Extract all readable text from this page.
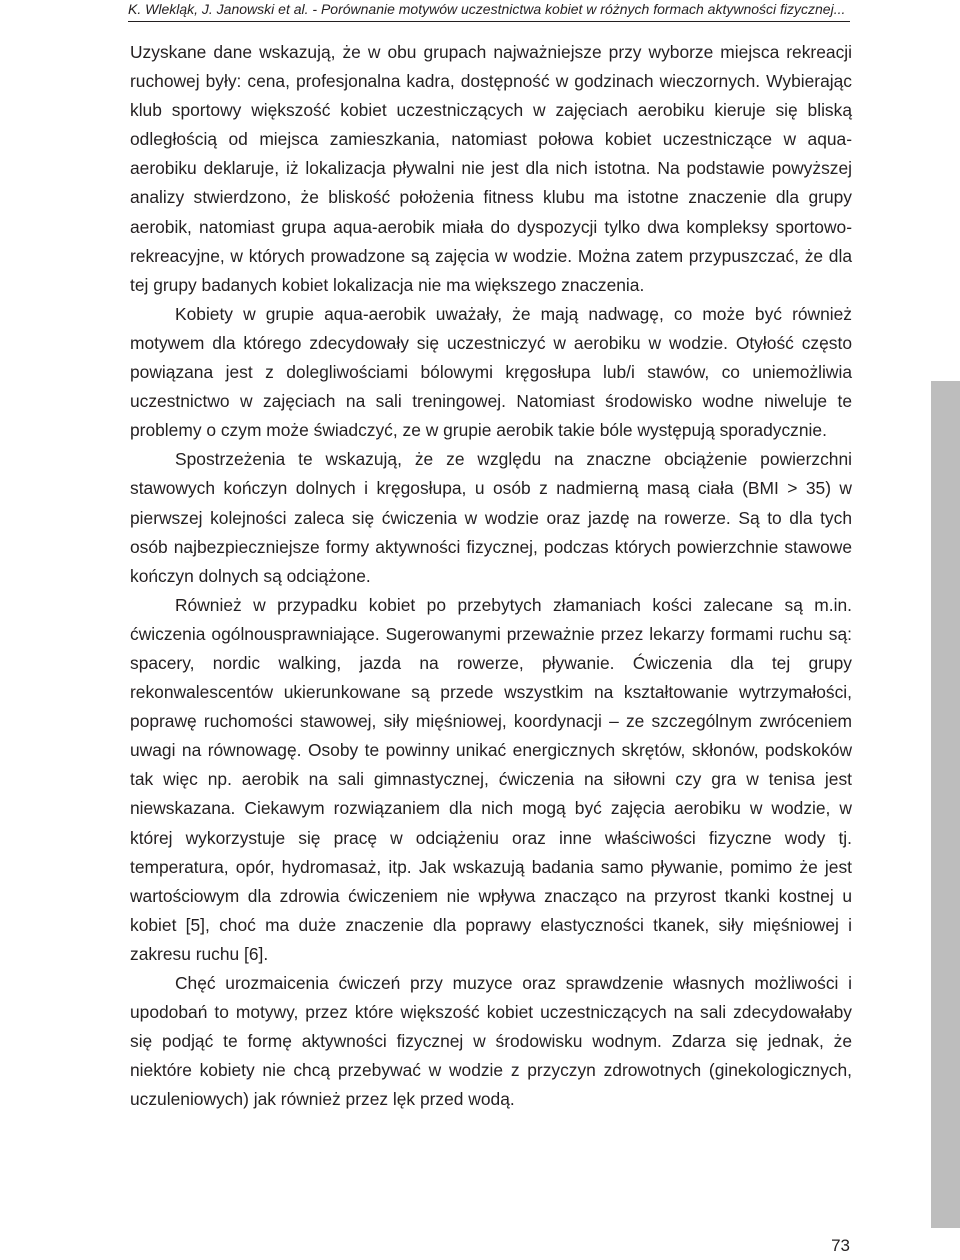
K. Wlekląk, J. Janowski et al. - Porównanie motywów uczestnictwa kobiet w różnych formach aktywności fizycznej...

Uzyskane dane wskazują, że w obu grupach najważniejsze przy wyborze miejsca rekreacji ruchowej były: cena, profesjonalna kadra, dostępność w godzinach wieczornych. Wybierając klub sportowy większość kobiet uczestniczących w zajęciach aerobiku kieruje się bliską odległością od miejsca zamieszkania, natomiast połowa kobiet uczestniczące w aqua-aerobiku deklaruje, iż lokalizacja pływalni nie jest dla nich istotna. Na podstawie powyższej analizy stwierdzono, że bliskość położenia fitness klubu ma istotne znaczenie dla grupy aerobik, natomiast grupa aqua-aerobik miała do dyspozycji tylko dwa kompleksy sportowo-rekreacyjne, w których prowadzone są zajęcia w wodzie. Można zatem przypuszczać, że dla tej grupy badanych kobiet lokalizacja nie ma większego znaczenia.

Kobiety w grupie aqua-aerobik uważały, że mają nadwagę, co może być również motywem dla którego zdecydowały się uczestniczyć w aerobiku w wodzie. Otyłość często powiązana jest z dolegliwościami bólowymi kręgosłupa lub/i stawów, co uniemożliwia uczestnictwo w zajęciach na sali treningowej. Natomiast środowisko wodne niweluje te problemy o czym może świadczyć, ze w grupie aerobik takie bóle występują sporadycznie.

Spostrzeżenia te wskazują, że ze względu na znaczne obciążenie powierzchni stawowych kończyn dolnych i kręgosłupa, u osób z nadmierną masą ciała (BMI > 35) w pierwszej kolejności zaleca się ćwiczenia w wodzie oraz jazdę na rowerze. Są to dla tych osób najbezpieczniejsze formy aktywności fizycznej, podczas których powierzchnie stawowe kończyn dolnych są odciążone.

Również w przypadku kobiet po przebytych złamaniach kości zalecane są m.in. ćwiczenia ogólnousprawniające. Sugerowanymi przeważnie przez lekarzy formami ruchu są: spacery, nordic walking, jazda na rowerze, pływanie. Ćwiczenia dla tej grupy rekonwalescentów ukierunkowane są przede wszystkim na kształtowanie wytrzymałości, poprawę ruchomości stawowej, siły mięśniowej, koordynacji – ze szczególnym zwróceniem uwagi na równowagę. Osoby te powinny unikać energicznych skrętów, skłonów, podskoków tak więc np. aerobik na sali gimnastycznej, ćwiczenia na siłowni czy gra w tenisa jest niewskazana. Ciekawym rozwiązaniem dla nich mogą być zajęcia aerobiku w wodzie, w której wykorzystuje się pracę w odciążeniu oraz inne właściwości fizyczne wody tj. temperatura, opór, hydromasaż, itp. Jak wskazują badania samo pływanie, pomimo że jest wartościowym dla zdrowia ćwiczeniem nie wpływa znacząco na przyrost tkanki kostnej u kobiet [5], choć ma duże znaczenie dla poprawy elastyczności tkanek, siły mięśniowej i zakresu ruchu [6].

Chęć urozmaicenia ćwiczeń przy muzyce oraz sprawdzenie własnych możliwości i upodobań to motywy, przez które większość kobiet uczestniczących na sali zdecydowałaby się podjąć te formę aktywności fizycznej w środowisku wodnym. Zdarza się jednak, że niektóre kobiety nie chcą przebywać w wodzie z przyczyn zdrowotnych (ginekologicznych, uczuleniowych) jak również przez lęk przed wodą.

73
